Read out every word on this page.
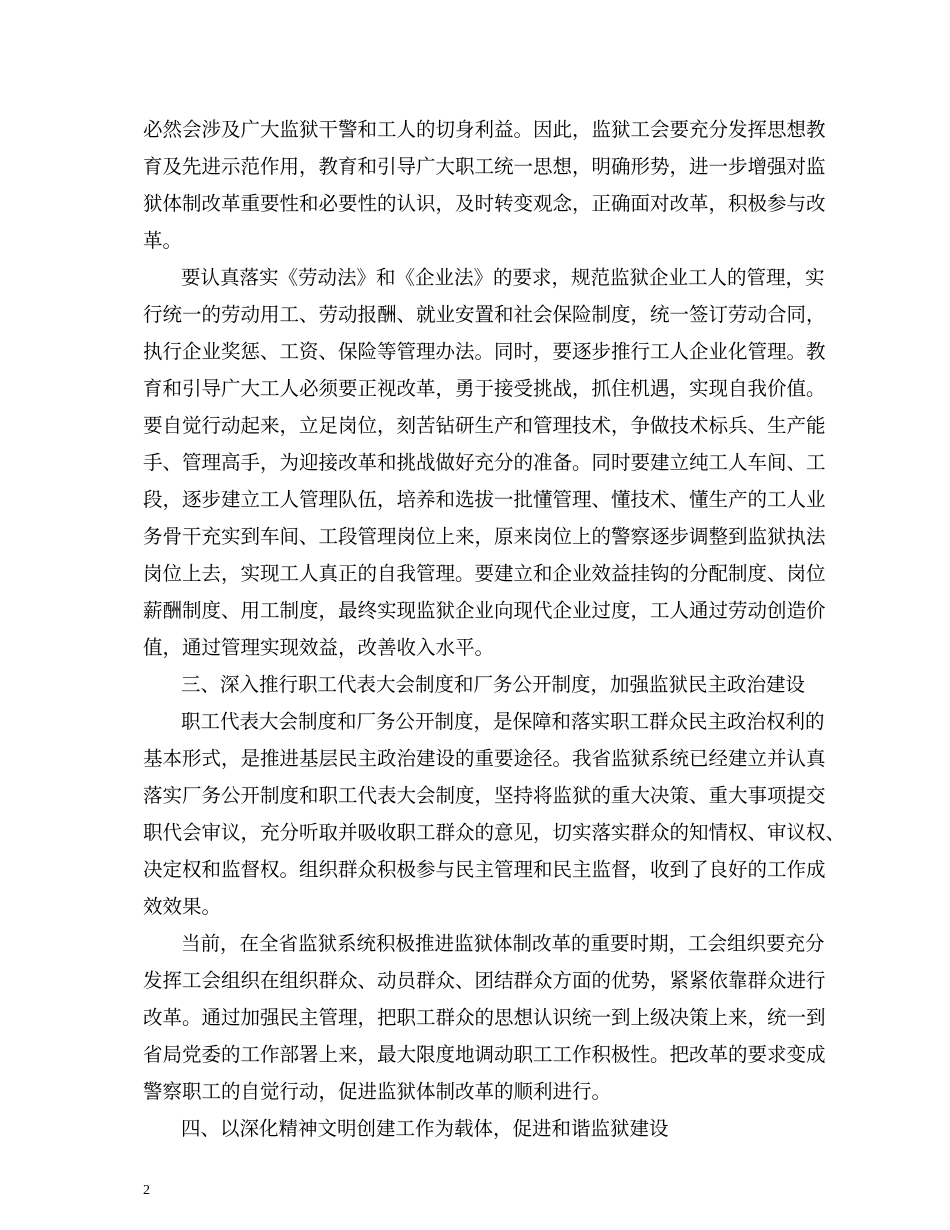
必然会涉及广大监狱干警和工人的切身利益。因此，监狱工会要充分发挥思想教
育及先进示范作用，教育和引导广大职工统一思想，明确形势，进一步增强对监
狱体制改革重要性和必要性的认识，及时转变观念，正确面对改革，积极参与改
革。
要认真落实《劳动法》和《企业法》的要求，规范监狱企业工人的管理，实
行统一的劳动用工、劳动报酬、就业安置和社会保险制度，统一签订劳动合同，
执行企业奖惩、工资、保险等管理办法。同时，要逐步推行工人企业化管理。教
育和引导广大工人必须要正视改革，勇于接受挑战，抓住机遇，实现自我价值。
要自觉行动起来，立足岗位，刻苦钻研生产和管理技术，争做技术标兵、生产能
手、管理高手，为迎接改革和挑战做好充分的准备。同时要建立纯工人车间、工
段，逐步建立工人管理队伍，培养和选拔一批懂管理、懂技术、懂生产的工人业
务骨干充实到车间、工段管理岗位上来，原来岗位上的警察逐步调整到监狱执法
岗位上去，实现工人真正的自我管理。要建立和企业效益挂钩的分配制度、岗位
薪酬制度、用工制度，最终实现监狱企业向现代企业过度，工人通过劳动创造价
值，通过管理实现效益，改善收入水平。
三、深入推行职工代表大会制度和厂务公开制度，加强监狱民主政治建设
职工代表大会制度和厂务公开制度，是保障和落实职工群众民主政治权利的
基本形式，是推进基层民主政治建设的重要途径。我省监狱系统已经建立并认真
落实厂务公开制度和职工代表大会制度，坚持将监狱的重大决策、重大事项提交
职代会审议，充分听取并吸收职工群众的意见，切实落实群众的知情权、审议权、
决定权和监督权。组织群众积极参与民主管理和民主监督，收到了良好的工作成
效效果。
当前，在全省监狱系统积极推进监狱体制改革的重要时期，工会组织要充分
发挥工会组织在组织群众、动员群众、团结群众方面的优势，紧紧依靠群众进行
改革。通过加强民主管理，把职工群众的思想认识统一到上级决策上来，统一到
省局党委的工作部署上来，最大限度地调动职工工作积极性。把改革的要求变成
警察职工的自觉行动，促进监狱体制改革的顺利进行。
四、以深化精神文明创建工作为载体，促进和谐监狱建设
2
